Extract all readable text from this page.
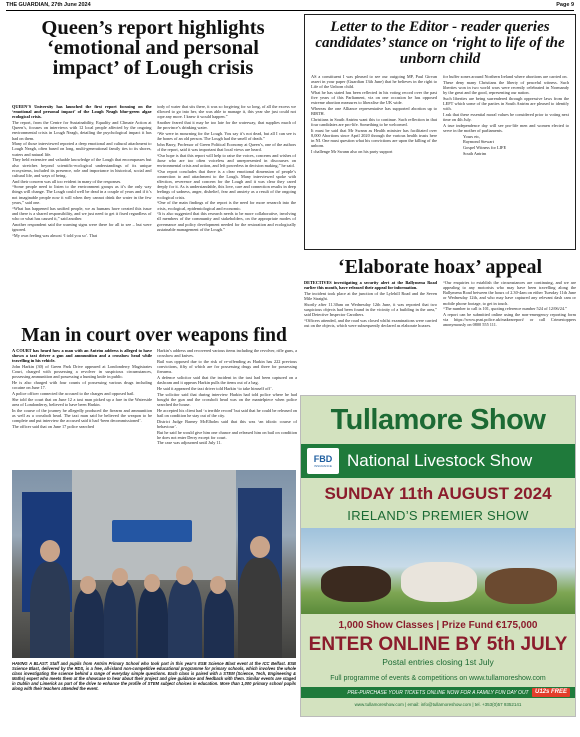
THE GUARDIAN, 27th June 2024	Page 9
Queen’s report highlights ‘emotional and personal impact’ of Lough crisis

QUEEN’S University has launched the first report focusing on the ‘emotional and personal impact’ of the Lough Neagh blue-green algae ecological crisis.

The report, from the Centre for Sustainability, Equality and Climate Action at Queen’s, focuses on interviews with 12 local people affected by the ongoing environmental crisis in Lough Neagh, detailing the psychological impact it has had on them.

Many of those interviewed reported a deep emotional and cultural attachment to Lough Neagh, often based on long, multi-generational family ties to its shores, waters and natural life.

They held extensive and valuable knowledge of the Lough that encompasses but also stretches beyond scientific-ecological understandings of its unique ecosystems, included its presence, role and importance in historical, social and cultural life, and ways of being.

And their concern was all too evident in many of the responses.

“Some people need to listen to the environment groups as it’s the only way things will change. The Lough could well be dead in a couple of years and if it’s not imaginable people now it will when they cannot drink the water in the few years,” said one.

“What has happened has unified people, we as humans have created this issue and there is a shared responsibility, and we just need to get it fixed regardless of who or what has caused it,” said another.

Another respondent said the warning signs were there for all to see – but were ignored.

“My own feeling was almost ‘I told you so’. That

body of water that sits there, it was so forgiving for so long, of all the excess we allowed to go into her, she was able to manage it, this year she just could not cope any more. I knew it would happen.”

Another feared that it may be too late for the waterway, that supplies much of the province’s drinking water.

“We were in mourning for the Lough. You say it’s not dead, but all I can see is the bones of an old person. The Lough had the smell of death.”

John Barry, Professor of Green Political Economy at Queen’s, one of the authors of the report, said it was important that local views are heard.

“Our hope is that this report will help to raise the voices, concerns and wishes of those who are too often voiceless and unrepresented in discourses on environmental crisis and action, and left powerless in decision making,” he said.

“Our report concludes that there is a clear emotional dimension of people’s connection to and attachment to the Lough. Many interviewed spoke with affection, reverence and concern for the Lough and it was clear they cared deeply for it. As is understandable, this love, care and connection results in deep feelings of sadness, anger, disbelief, fear and anxiety as a result of the ongoing ecological crisis.

“One of the main findings of the report is the need for more research into the crisis, ecological, epidemiological and economic.

“It is also suggested that this research needs to be more collaborative, involving all members of the community and stakeholders, on the appropriate modes of governance and policy development needed for the restoration and ecologically sustainable management of the Lough.”

Letter to the Editor - reader queries candidates’ stance on ‘right to life of the unborn child

AS a constituent I was pleased to see our outgoing MP, Paul Girvan assert in your paper (Guardian 13th June) that he believes in the right to Life of the Unborn child.

What he has stated has been reflected in his voting record over the past five years of this Parliament, viz on one occasion he has opposed extreme abortion measures to liberalise the UK wide.

Whereas the one Alliance representative has supported abortion up to BIRTH.

Christians in South Antrim want this to continue. Such reflection in that four candidates are pro-life. Something to be welcomed.

It must be said that Mr Swann as Health minister has facilitated over 8,000 Abortions since April 2020 through the various health trusts here in NI. One must question what his convictions are upon the killing of the unborn.

I challenge Mr Swann also on his party support

for buffer zones around Northern Ireland where abortions are carried on.

These deny many Christians the liberty of peaceful witness. Such liberties won in two world wars were recently celebrated in Normandy by the great and the good, representing our nation.

Such liberties are being surrendered through oppressive laws from the LEFT which some of the parties in South Antrim are pleased to identify with.

I ask that these essential moral values be considered prior to voting next time on 4th July.

A true independence day will see pro-life men and women elected to serve in the mother of parliaments.

Yours etc,

Raymond Stewart

Gospel Witness for LIFE

South Antrim

Man in court over weapons find

A COURT has heard how a man with an Antrim address is alleged to have shown a taxi driver a gun and ammunition and a crossbow head while travelling in his vehicle.

John Harkin (30) of Green Park Drive appeared at Londonderry Magistrates Court, charged with possessing a revolver in suspicious circumstances, possessing ammunition and possessing a hunting knife in public.

He is also charged with four counts of possessing various drugs including cocaine on June 17.

A police officer connected the accused to the charges and opposed bail.

She told the court that on June 12 a taxi man picked up a fare in the Waterside area of Londonderry, believed to have been Harkin.

In the course of the journey he allegedly produced the firearm and ammunition as well as a crossbolt head. The taxi man said he believed the weapon to be complete and put interview the accused said it had ‘been decommissioned’.

The officer said that on June 17 police searched

Harkin’s address and recovered various items including the revolver, rifle guns, a crossbow and knives.

Bail was opposed due to the risk of re-offending as Harkin has 222 previous convictions, fifty of which are for possessing drugs and three for possessing firearms.

A defence solicitor said that the incident in the taxi had been captured on a dashcam and it appears Harkin pulls the items out of a bag.

He said it appeared the taxi driver told Harkin ‘to take himself off’.

The solicitor said that during interview Harkin had told police where he had bought the gun and the crossbolt head was on the mantelpiece when police searched the house.

He accepted his client had ‘a terrible record’ but said that he could be released on bail on condition he stay out of the city.

District Judge Barney McElholm said that this was ‘an idiotic course of behaviour’.

But he said he would give him one chance and released him on bail on condition he does not enter Derry except for court.

The case was adjourned until July 11.

‘Elaborate hoax’ appeal

DETECTIVES investigating a security alert at the Ballymena Road earlier this month, have released their appeal for information.

The incident took place at the junction of the Lylehill Road and the Seven Mile Straight.

Shortly after 11.30am on Wednesday 12th June, it was reported that two suspicious objects had been found in the vicinity of a building in the area,” said Detective Inspector Carothers.

“Officers attended, and the road was closed whilst examinations were carried out on the objects, which were subsequently declared as elaborate hoaxes.

“Our enquiries to establish the circumstances are continuing, and we are appealing to any motorists who may have been travelling along the Ballymena Road between the hours of 2.30-4am on either Tuesday 11th June or Wednesday 12th, and who may have captured any relevant dash cam or mobile phone footage, to get in touch.

“The number to call is 101, quoting reference number 524 of 12/06/24.”

A report can be submitted online using the non-emergency reporting form via https://www.psni.police.uk/makeareport/ or call Crimestoppers anonymously on 0800 555 111.

HAVING A BLAST: Staff and pupils from Antrim Primary School who took part in this year’s ESB Science Blast event at the ICC Belfast. ESB Science Blast, delivered by the RDS, is a free, all-island non-competitive educational programme for primary schools, which involves the whole class investigating the science behind a range of everyday simple questions. Each class is paired with a STEM (Science, Tech, Engineering & Maths) expert who meets them at the showcase to hear about their project and give guidance and feedback with them. Similar events are staged in Dublin and Limerick as part of the drive to enhance the profile of STEM subject choices in education. More than 1,000 primary school pupils along with their teachers attended the event.

Tullamore Show
FBD
INSURANCE National Livestock Show
SUNDAY 11th AUGUST 2024
IRELAND’S PREMIER SHOW
1,000 Show Classes | Prize Fund €175,000
ENTER ONLINE BY 5th JULY
Postal entries closing 1st July
Full programme of events & competitions on www.tullamoreshow.com
PRE-PURCHASE YOUR TICKETS ONLINE NOW FOR A FAMILY FUN DAY OUT	U12s FREE
www.tullamoreshow.com | email: info@tullamoreshow.com | tel. +353(0)57 9352141
